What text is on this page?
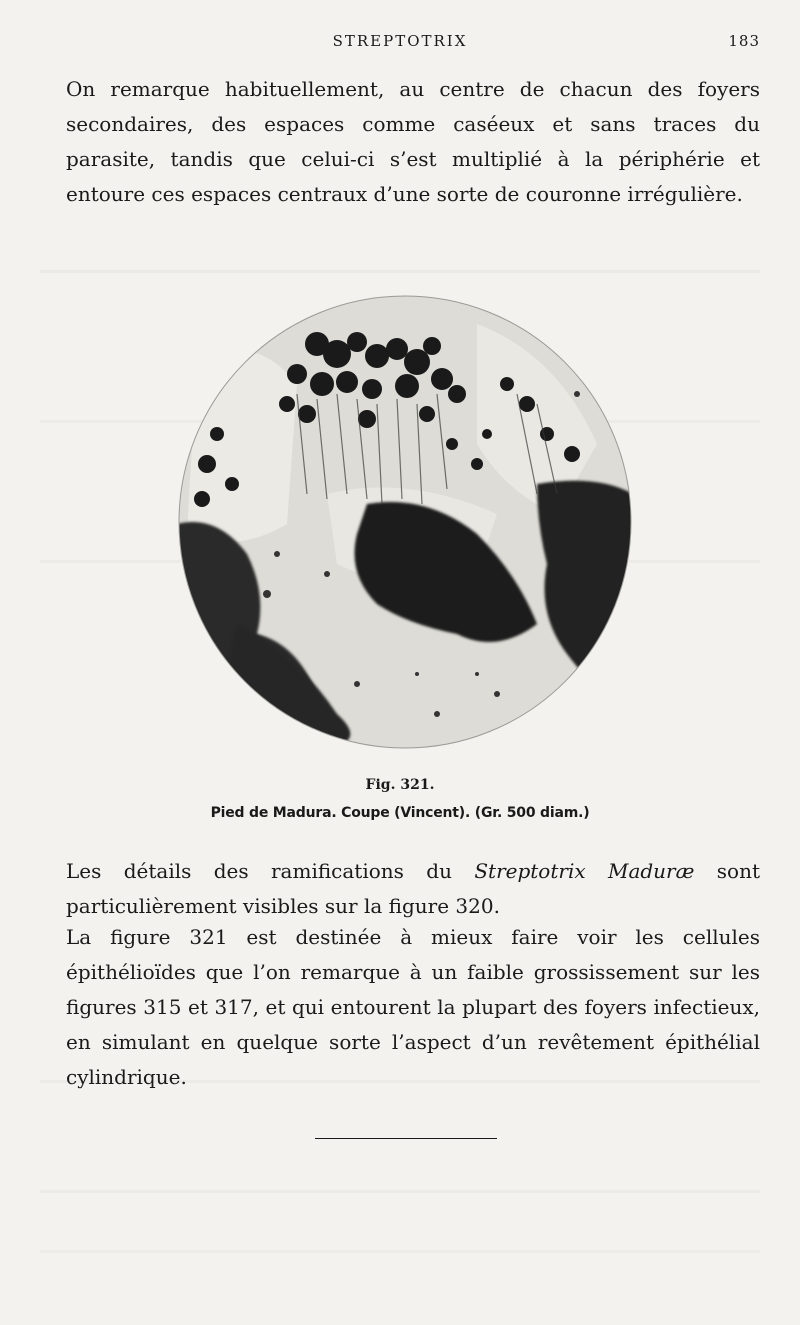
STREPTOTRIX	183

On remarque habituellement, au centre de chacun des foyers secondaires, des espaces comme caséeux et sans traces du parasite, tandis que celui-ci s’est multiplié à la périphérie et entoure ces espaces centraux d’une sorte de couronne irrégulière.

Fig. 321.
Pied de Madura. Coupe (Vincent). (Gr. 500 diam.)

Les détails des ramifications du Streptotrix Maduræ sont particulièrement visibles sur la figure 320.

La figure 321 est destinée à mieux faire voir les cellules épithélioïdes que l’on remarque à un faible grossissement sur les figures 315 et 317, et qui entourent la plupart des foyers infectieux, en simulant en quelque sorte l’aspect d’un revêtement épithélial cylindrique.
